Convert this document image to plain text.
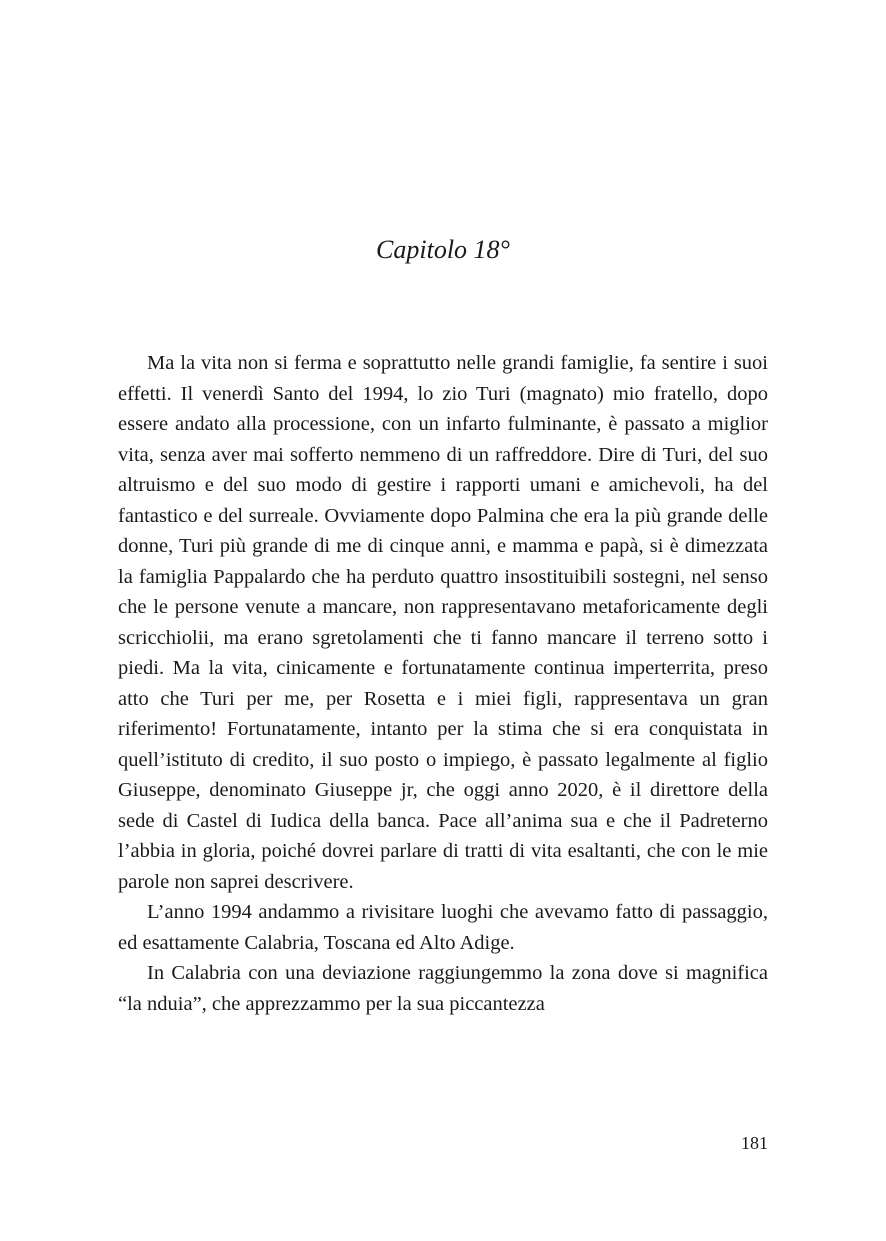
Capitolo 18°

Ma la vita non si ferma e soprattutto nelle grandi famiglie, fa sentire i suoi effetti. Il venerdì Santo del 1994, lo zio Turi (magnato) mio fratello, dopo essere andato alla processione, con un infarto fulminante, è passato a miglior vita, senza aver mai sofferto nemmeno di un raffreddore. Dire di Turi, del suo altruismo e del suo modo di gestire i rapporti umani e amichevoli, ha del fantastico e del surreale. Ovviamente dopo Palmina che era la più grande delle donne, Turi più grande di me di cinque anni, e mamma e papà, si è dimezzata la famiglia Pappalardo che ha perduto quattro insostituibili sostegni, nel senso che le persone venute a mancare, non rappresentavano metaforicamente degli scricchiolii, ma erano sgretolamenti che ti fanno mancare il terreno sotto i piedi. Ma la vita, cinicamente e fortunatamente continua imperterrita, preso atto che Turi per me, per Rosetta e i miei figli, rappresentava un gran riferimento! Fortunatamente, intanto per la stima che si era conquistata in quell’istituto di credito, il suo posto o impiego, è passato legalmente al figlio Giuseppe, denominato Giuseppe jr, che oggi anno 2020, è il direttore della sede di Castel di Iudica della banca. Pace all’anima sua e che il Padreterno l’abbia in gloria, poiché dovrei parlare di tratti di vita esaltanti, che con le mie parole non saprei descrivere.

L’anno 1994 andammo a rivisitare luoghi che avevamo fatto di passaggio, ed esattamente Calabria, Toscana ed Alto Adige.

In Calabria con una deviazione raggiungemmo la zona dove si magnifica “la nduia”, che apprezzammo per la sua piccantezza

181
